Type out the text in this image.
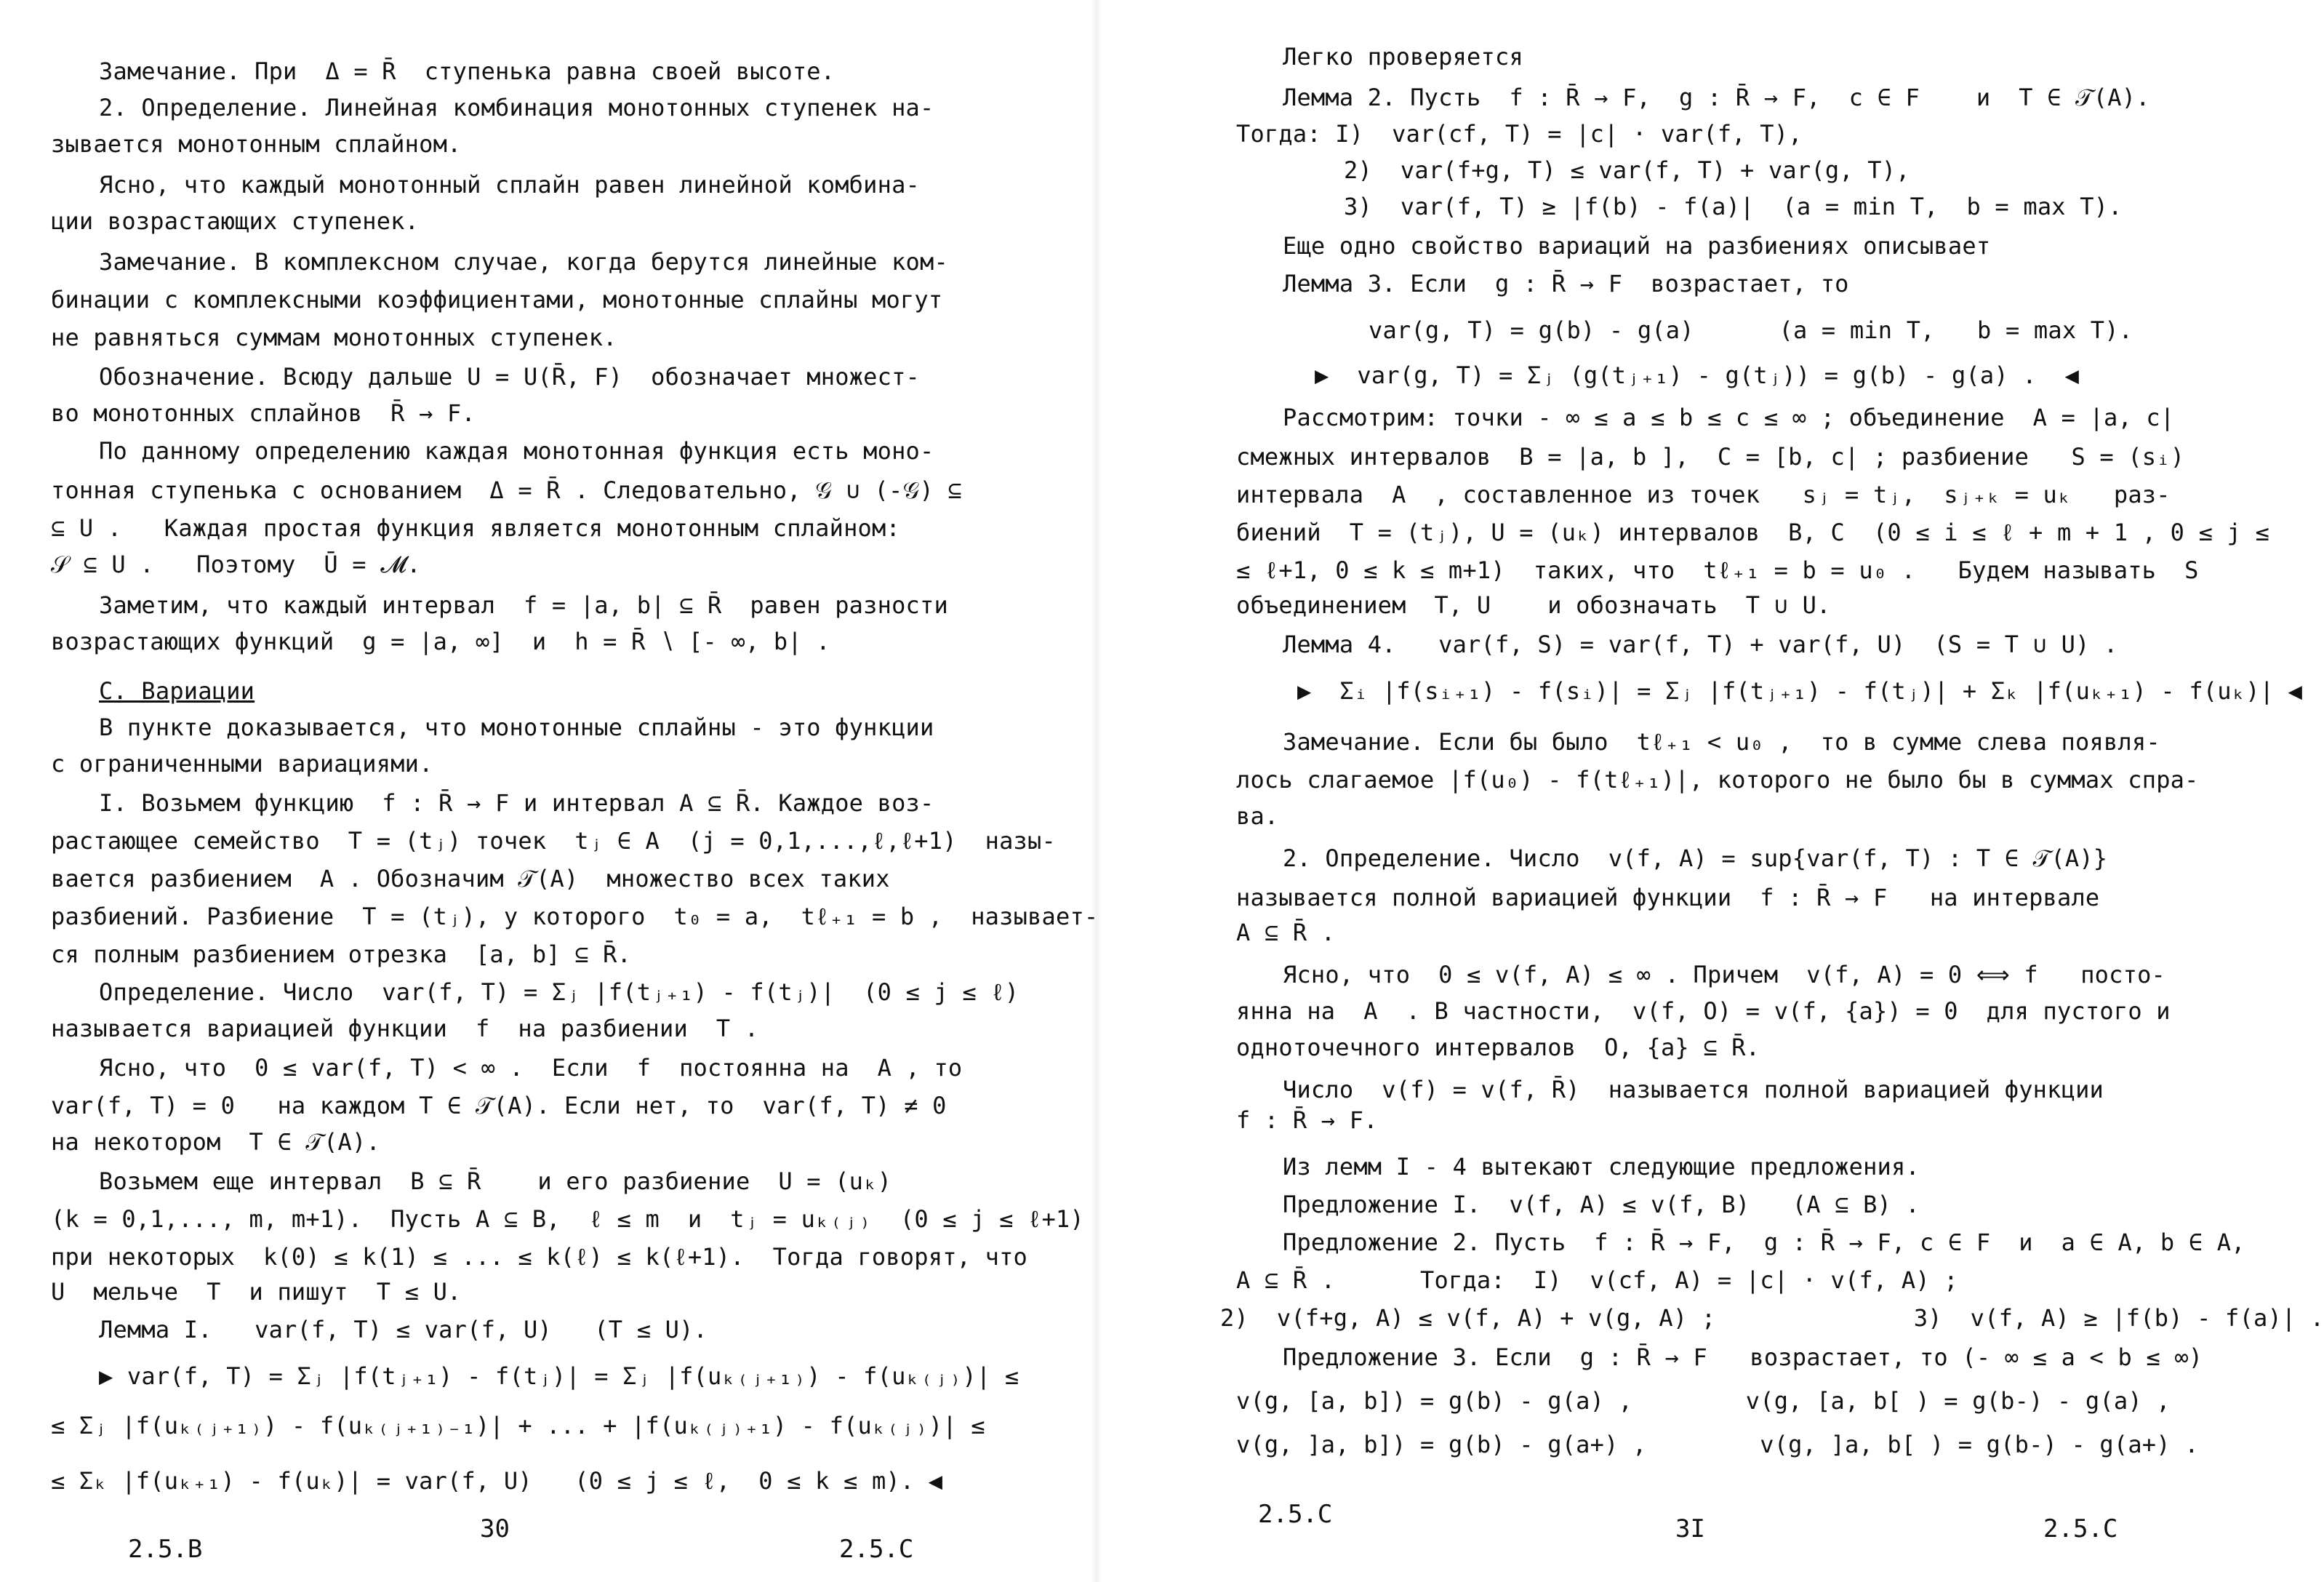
Замечание. При  Δ = R̄  ступенька равна своей высоте.
2. Определение. Линейная комбинация монотонных ступенек на-
зывается монотонным сплайном.
Ясно, что каждый монотонный сплайн равен линейной комбина-
ции возрастающих ступенек.
Замечание. В комплексном случае, когда берутся линейные ком-
бинации с комплексными коэффициентами, монотонные сплайны могут
не равняться суммам монотонных ступенек.
Обозначение. Всюду дальше U = U(R̄, F)  обозначает множест-
во монотонных сплайнов  R̄ → F.
По данному определению каждая монотонная функция есть моно-
тонная ступенька с основанием  Δ = R̄ . Следовательно, 𝒢 ∪ (-𝒢) ⊆
⊆ U .   Каждая простая функция является монотонным сплайном:
𝒮 ⊆ U .   Поэтому  Ū = 𝓜.
Заметим, что каждый интервал  f = |a, b| ⊆ R̄  равен разности
возрастающих функций  g = |a, ∞]  и  h = R̄ ∖ [- ∞, b| .
C. Вариации
В пункте доказывается, что монотонные сплайны - это функции
с ограниченными вариациями.
I. Возьмем функцию  f : R̄ → F и интервал A ⊆ R̄. Каждое воз-
растающее семейство  T = (tⱼ) точек  tⱼ ∈ A  (j = 0,1,...,ℓ,ℓ+1)  назы-
вается разбиением  A . Обозначим 𝒯(A)  множество всех таких
разбиений. Разбиение  T = (tⱼ), у которого  t₀ = a,  tℓ₊₁ = b ,  называет-
ся полным разбиением отрезка  [a, b] ⊆ R̄.
Определение. Число  var(f, T) = Σⱼ |f(tⱼ₊₁) - f(tⱼ)|  (0 ≤ j ≤ ℓ)
называется вариацией функции  f  на разбиении  T .
Ясно, что  0 ≤ var(f, T) < ∞ .  Если  f  постоянна на  A , то
var(f, T) = 0   на каждом T ∈ 𝒯(A). Если нет, то  var(f, T) ≠ 0
на некотором  T ∈ 𝒯(A).
Возьмем еще интервал  B ⊆ R̄    и его разбиение  U = (uₖ)
(k = 0,1,..., m, m+1).  Пусть A ⊆ B,  ℓ ≤ m  и  tⱼ = uₖ₍ⱼ₎  (0 ≤ j ≤ ℓ+1)
при некоторых  k(0) ≤ k(1) ≤ ... ≤ k(ℓ) ≤ k(ℓ+1).  Тогда говорят, что
U  мельче  T  и пишут  T ≤ U.
Лемма I.   var(f, T) ≤ var(f, U)   (T ≤ U).
▶ var(f, T) = Σⱼ |f(tⱼ₊₁) - f(tⱼ)| = Σⱼ |f(uₖ₍ⱼ₊₁₎) - f(uₖ₍ⱼ₎)| ≤
≤ Σⱼ |f(uₖ₍ⱼ₊₁₎) - f(uₖ₍ⱼ₊₁₎₋₁)| + ... + |f(uₖ₍ⱼ₎₊₁) - f(uₖ₍ⱼ₎)| ≤
≤ Σₖ |f(uₖ₊₁) - f(uₖ)| = var(f, U)   (0 ≤ j ≤ ℓ,  0 ≤ k ≤ m). ◀
2.5.B
30
2.5.C
Легко проверяется
Лемма 2. Пусть  f : R̄ → F,  g : R̄ → F,  c ∈ F    и  T ∈ 𝒯(A).
Тогда: I)  var(cf, T) = |c| · var(f, T),
2)  var(f+g, T) ≤ var(f, T) + var(g, T),
3)  var(f, T) ≥ |f(b) - f(a)|  (a = min T,  b = max T).
Еще одно свойство вариаций на разбиениях описывает
Лемма 3. Если  g : R̄ → F  возрастает, то
var(g, T) = g(b) - g(a)      (a = min T,   b = max T).
▶  var(g, T) = Σⱼ (g(tⱼ₊₁) - g(tⱼ)) = g(b) - g(a) .  ◀
Рассмотрим: точки - ∞ ≤ a ≤ b ≤ c ≤ ∞ ; объединение  A = |a, c|
смежных интервалов  B = |a, b ],  C = [b, c| ; разбиение   S = (sᵢ)
интервала  A  , составленное из точек   sⱼ = tⱼ,  sⱼ₊ₖ = uₖ   раз-
биений  T = (tⱼ), U = (uₖ) интервалов  B, C  (0 ≤ i ≤ ℓ + m + 1 , 0 ≤ j ≤
≤ ℓ+1, 0 ≤ k ≤ m+1)  таких, что  tℓ₊₁ = b = u₀ .   Будем называть  S
объединением  T, U    и обозначать  T ∪ U.
Лемма 4.   var(f, S) = var(f, T) + var(f, U)  (S = T ∪ U) .
▶  Σᵢ |f(sᵢ₊₁) - f(sᵢ)| = Σⱼ |f(tⱼ₊₁) - f(tⱼ)| + Σₖ |f(uₖ₊₁) - f(uₖ)| ◀
Замечание. Если бы было  tℓ₊₁ < u₀ ,  то в сумме слева появля-
лось слагаемое |f(u₀) - f(tℓ₊₁)|, которого не было бы в суммах спра-
ва.
2. Определение. Число  v(f, A) = sup{var(f, T) : T ∈ 𝒯(A)}
называется полной вариацией функции  f : R̄ → F   на интервале
A ⊆ R̄ .
Ясно, что  0 ≤ v(f, A) ≤ ∞ . Причем  v(f, A) = 0 ⟺ f   посто-
янна на  A  . В частности,  v(f, O) = v(f, {a}) = 0  для пустого и
одноточечного интервалов  O, {a} ⊆ R̄.
Число  v(f) = v(f, R̄)  называется полной вариацией функции
f : R̄ → F.
Из лемм I - 4 вытекают следующие предложения.
Предложение I.  v(f, A) ≤ v(f, B)   (A ⊆ B) .
Предложение 2. Пусть  f : R̄ → F,  g : R̄ → F, c ∈ F  и  a ∈ A, b ∈ A,
A ⊆ R̄ .      Тогда:  I)  v(cf, A) = |c| · v(f, A) ;
2)  v(f+g, A) ≤ v(f, A) + v(g, A) ;              3)  v(f, A) ≥ |f(b) - f(a)| .
Предложение 3. Если  g : R̄ → F   возрастает, то (- ∞ ≤ a < b ≤ ∞)
v(g, [a, b]) = g(b) - g(a) ,        v(g, [a, b[ ) = g(b-) - g(a) ,
v(g, ]a, b]) = g(b) - g(a+) ,        v(g, ]a, b[ ) = g(b-) - g(a+) .
2.5.C	3I	2.5.C
